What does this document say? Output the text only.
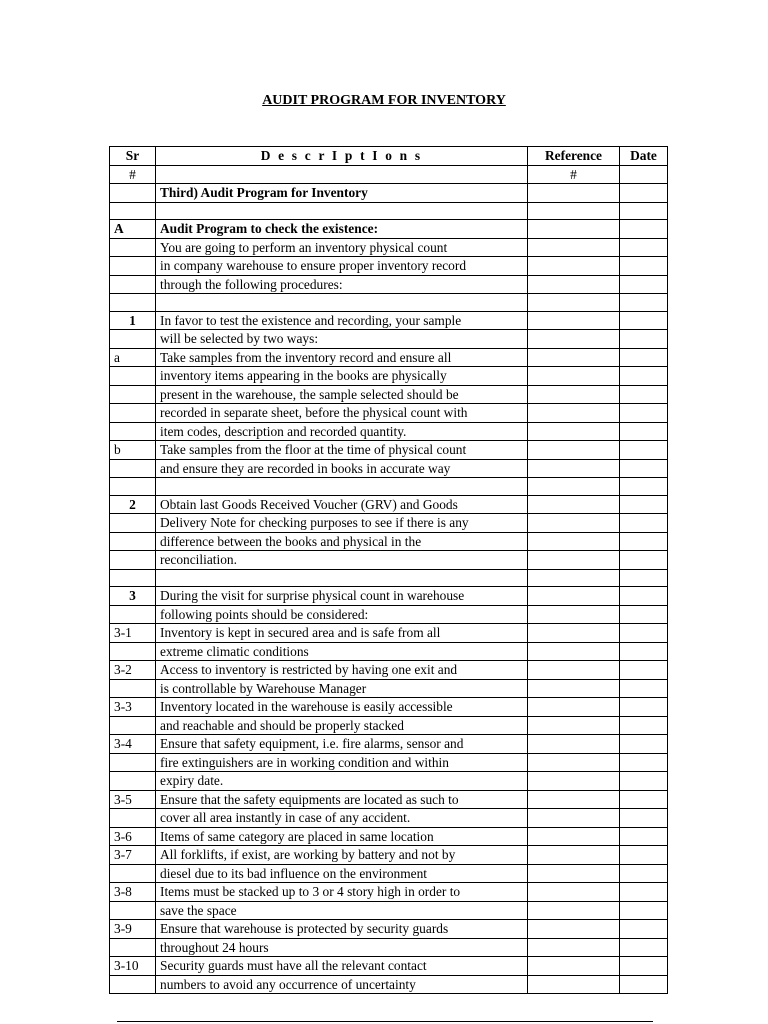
AUDIT PROGRAM FOR INVENTORY
Sr	D e s c r I p t I o n s	Reference	Date
#		#	
	Third) Audit Program for Inventory		

A	Audit Program to check the existence:		
	You are going to perform an inventory physical count		
	in company warehouse to ensure proper inventory record		
	through the following procedures:		

1	In favor to test the existence and recording, your sample		
	will be selected by two ways:		
a	Take samples from the inventory record and ensure all		
	inventory items appearing in the books are physically		
	present in the warehouse, the sample selected should be		
	recorded in separate sheet, before the physical count with		
	item codes, description and recorded quantity.		
b	Take samples from the floor at the time of physical count		
	and ensure they are recorded in books in accurate way		

2	Obtain last Goods Received Voucher (GRV) and Goods		
	Delivery Note for checking purposes to see if there is any		
	difference between the books and physical in the		
	reconciliation.		

3	During the visit for surprise physical count in warehouse		
	following points should be considered:		
3-1	Inventory is kept in secured area and is safe from all		
	extreme climatic conditions		
3-2	Access to inventory is restricted by having one exit and		
	is controllable by Warehouse Manager		
3-3	Inventory located in the warehouse is easily accessible		
	and reachable and should be properly stacked		
3-4	Ensure that safety equipment, i.e. fire alarms, sensor and		
	fire extinguishers are in working condition and within		
	expiry date.		
3-5	Ensure that the safety equipments are located as such to		
	cover all area instantly in case of any accident.		
3-6	Items of same category are placed in same location		
3-7	All forklifts, if exist, are working by battery and not by		
	diesel due to its bad influence on the environment		
3-8	Items must be stacked up to 3 or 4 story high in order to		
	save the space		
3-9	Ensure that warehouse is protected by security guards		
	throughout 24 hours		
3-10	Security guards must have all the relevant contact		
	numbers to avoid any occurrence of uncertainty		
